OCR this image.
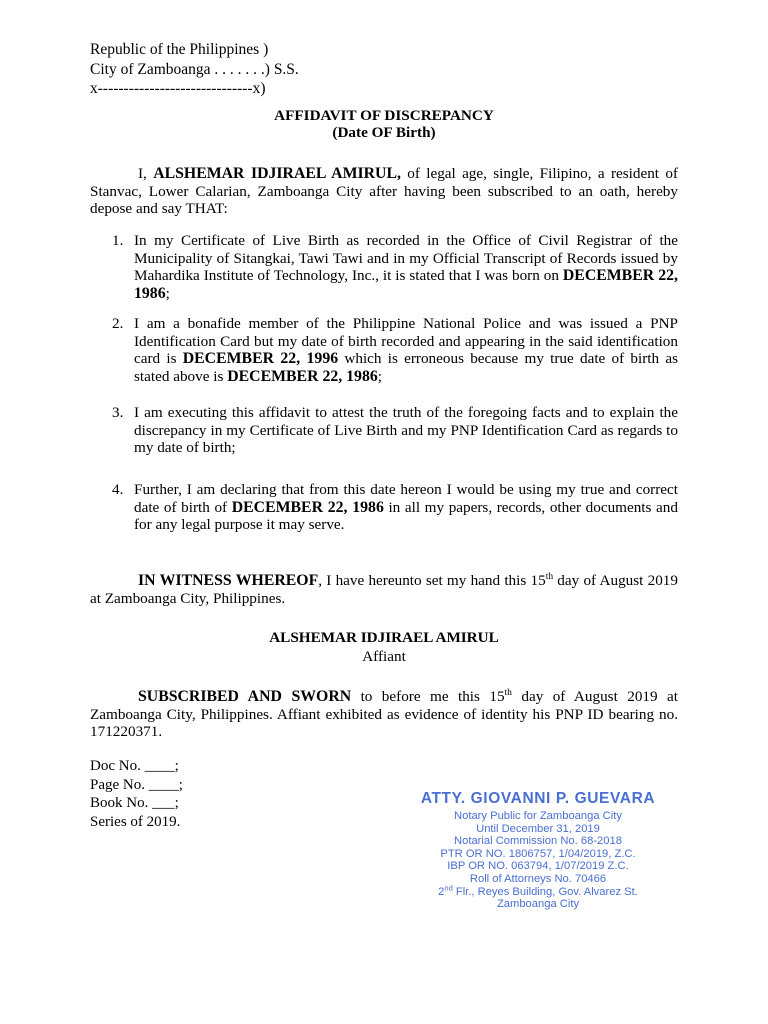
Republic of the Philippines )
City of Zamboanga . . . . . . .) S.S.
x------------------------------x)
AFFIDAVIT OF DISCREPANCY
(Date OF Birth)
I, ALSHEMAR IDJIRAEL AMIRUL, of legal age, single, Filipino, a resident of Stanvac, Lower Calarian, Zamboanga City after having been subscribed to an oath, hereby depose and say THAT:
1. In my Certificate of Live Birth as recorded in the Office of Civil Registrar of the Municipality of Sitangkai, Tawi Tawi and in my Official Transcript of Records issued by Mahardika Institute of Technology, Inc., it is stated that I was born on DECEMBER 22, 1986;
2. I am a bonafide member of the Philippine National Police and was issued a PNP Identification Card but my date of birth recorded and appearing in the said identification card is DECEMBER 22, 1996 which is erroneous because my true date of birth as stated above is DECEMBER 22, 1986;
3. I am executing this affidavit to attest the truth of the foregoing facts and to explain the discrepancy in my Certificate of Live Birth and my PNP Identification Card as regards to my date of birth;
4. Further, I am declaring that from this date hereon I would be using my true and correct date of birth of DECEMBER 22, 1986 in all my papers, records, other documents and for any legal purpose it may serve.
IN WITNESS WHEREOF, I have hereunto set my hand this 15th day of August 2019 at Zamboanga City, Philippines.
ALSHEMAR IDJIRAEL AMIRUL
Affiant
SUBSCRIBED AND SWORN to before me this 15th day of August 2019 at Zamboanga City, Philippines. Affiant exhibited as evidence of identity his PNP ID bearing no. 171220371.
Doc No. ____;
Page No. ____;
Book No. ___;
Series of 2019.
ATTY. GIOVANNI P. GUEVARA
Notary Public for Zamboanga City
Until December 31, 2019
Notarial Commission No. 68-2018
PTR OR NO. 1806757, 1/04/2019, Z.C.
IBP OR NO. 063794, 1/07/2019 Z.C.
Roll of Attorneys No. 70466
2nd Flr., Reyes Building, Gov. Alvarez St.
Zamboanga City
